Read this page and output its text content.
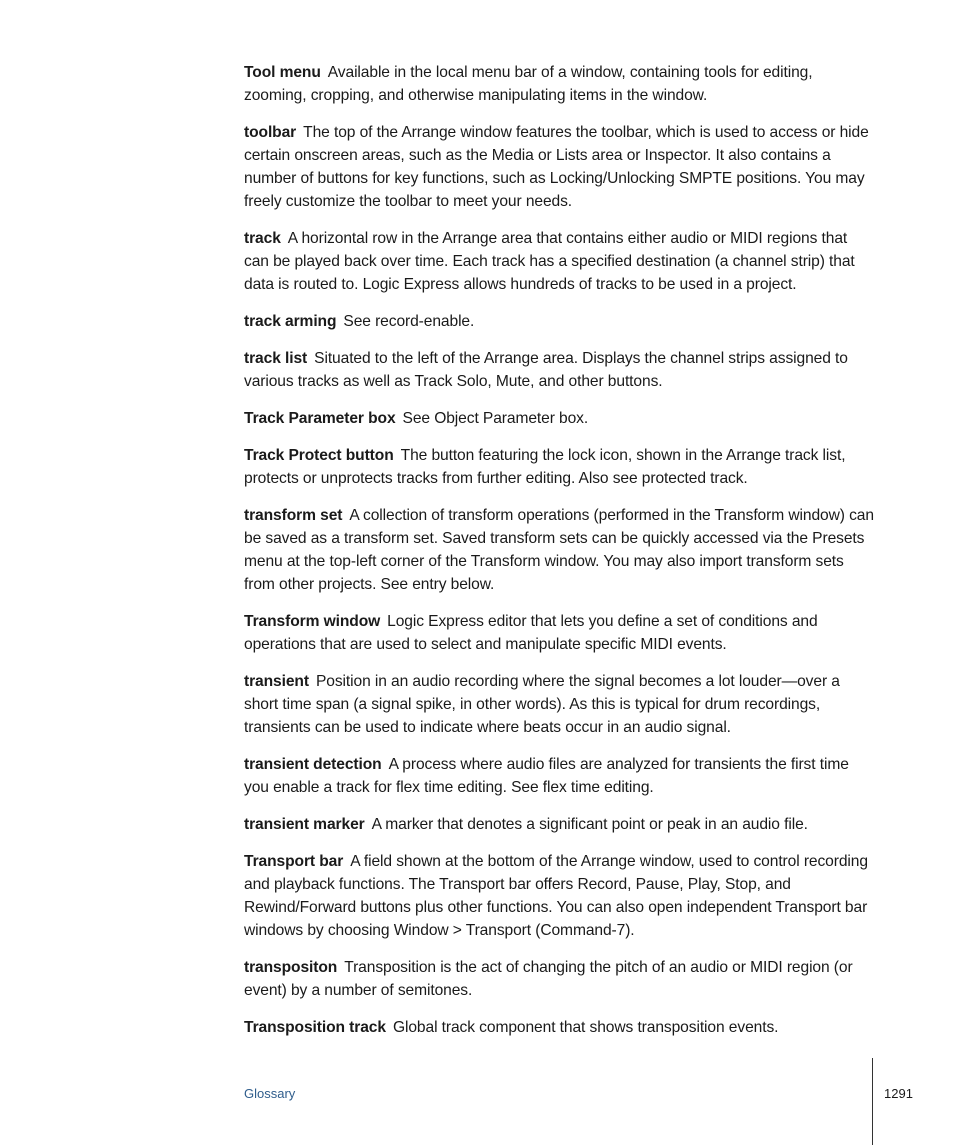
Tool menu Available in the local menu bar of a window, containing tools for editing, zooming, cropping, and otherwise manipulating items in the window.

toolbar The top of the Arrange window features the toolbar, which is used to access or hide certain onscreen areas, such as the Media or Lists area or Inspector. It also contains a number of buttons for key functions, such as Locking/Unlocking SMPTE positions. You may freely customize the toolbar to meet your needs.

track A horizontal row in the Arrange area that contains either audio or MIDI regions that can be played back over time. Each track has a specified destination (a channel strip) that data is routed to. Logic Express allows hundreds of tracks to be used in a project.

track arming See record-enable.

track list Situated to the left of the Arrange area. Displays the channel strips assigned to various tracks as well as Track Solo, Mute, and other buttons.

Track Parameter box See Object Parameter box.

Track Protect button The button featuring the lock icon, shown in the Arrange track list, protects or unprotects tracks from further editing. Also see protected track.

transform set A collection of transform operations (performed in the Transform window) can be saved as a transform set. Saved transform sets can be quickly accessed via the Presets menu at the top-left corner of the Transform window. You may also import transform sets from other projects. See entry below.

Transform window Logic Express editor that lets you define a set of conditions and operations that are used to select and manipulate specific MIDI events.

transient Position in an audio recording where the signal becomes a lot louder—over a short time span (a signal spike, in other words). As this is typical for drum recordings, transients can be used to indicate where beats occur in an audio signal.

transient detection A process where audio files are analyzed for transients the first time you enable a track for flex time editing. See flex time editing.

transient marker A marker that denotes a significant point or peak in an audio file.

Transport bar A field shown at the bottom of the Arrange window, used to control recording and playback functions. The Transport bar offers Record, Pause, Play, Stop, and Rewind/Forward buttons plus other functions. You can also open independent Transport bar windows by choosing Window > Transport (Command-7).

transpositon Transposition is the act of changing the pitch of an audio or MIDI region (or event) by a number of semitones.

Transposition track Global track component that shows transposition events.

Glossary	1291
